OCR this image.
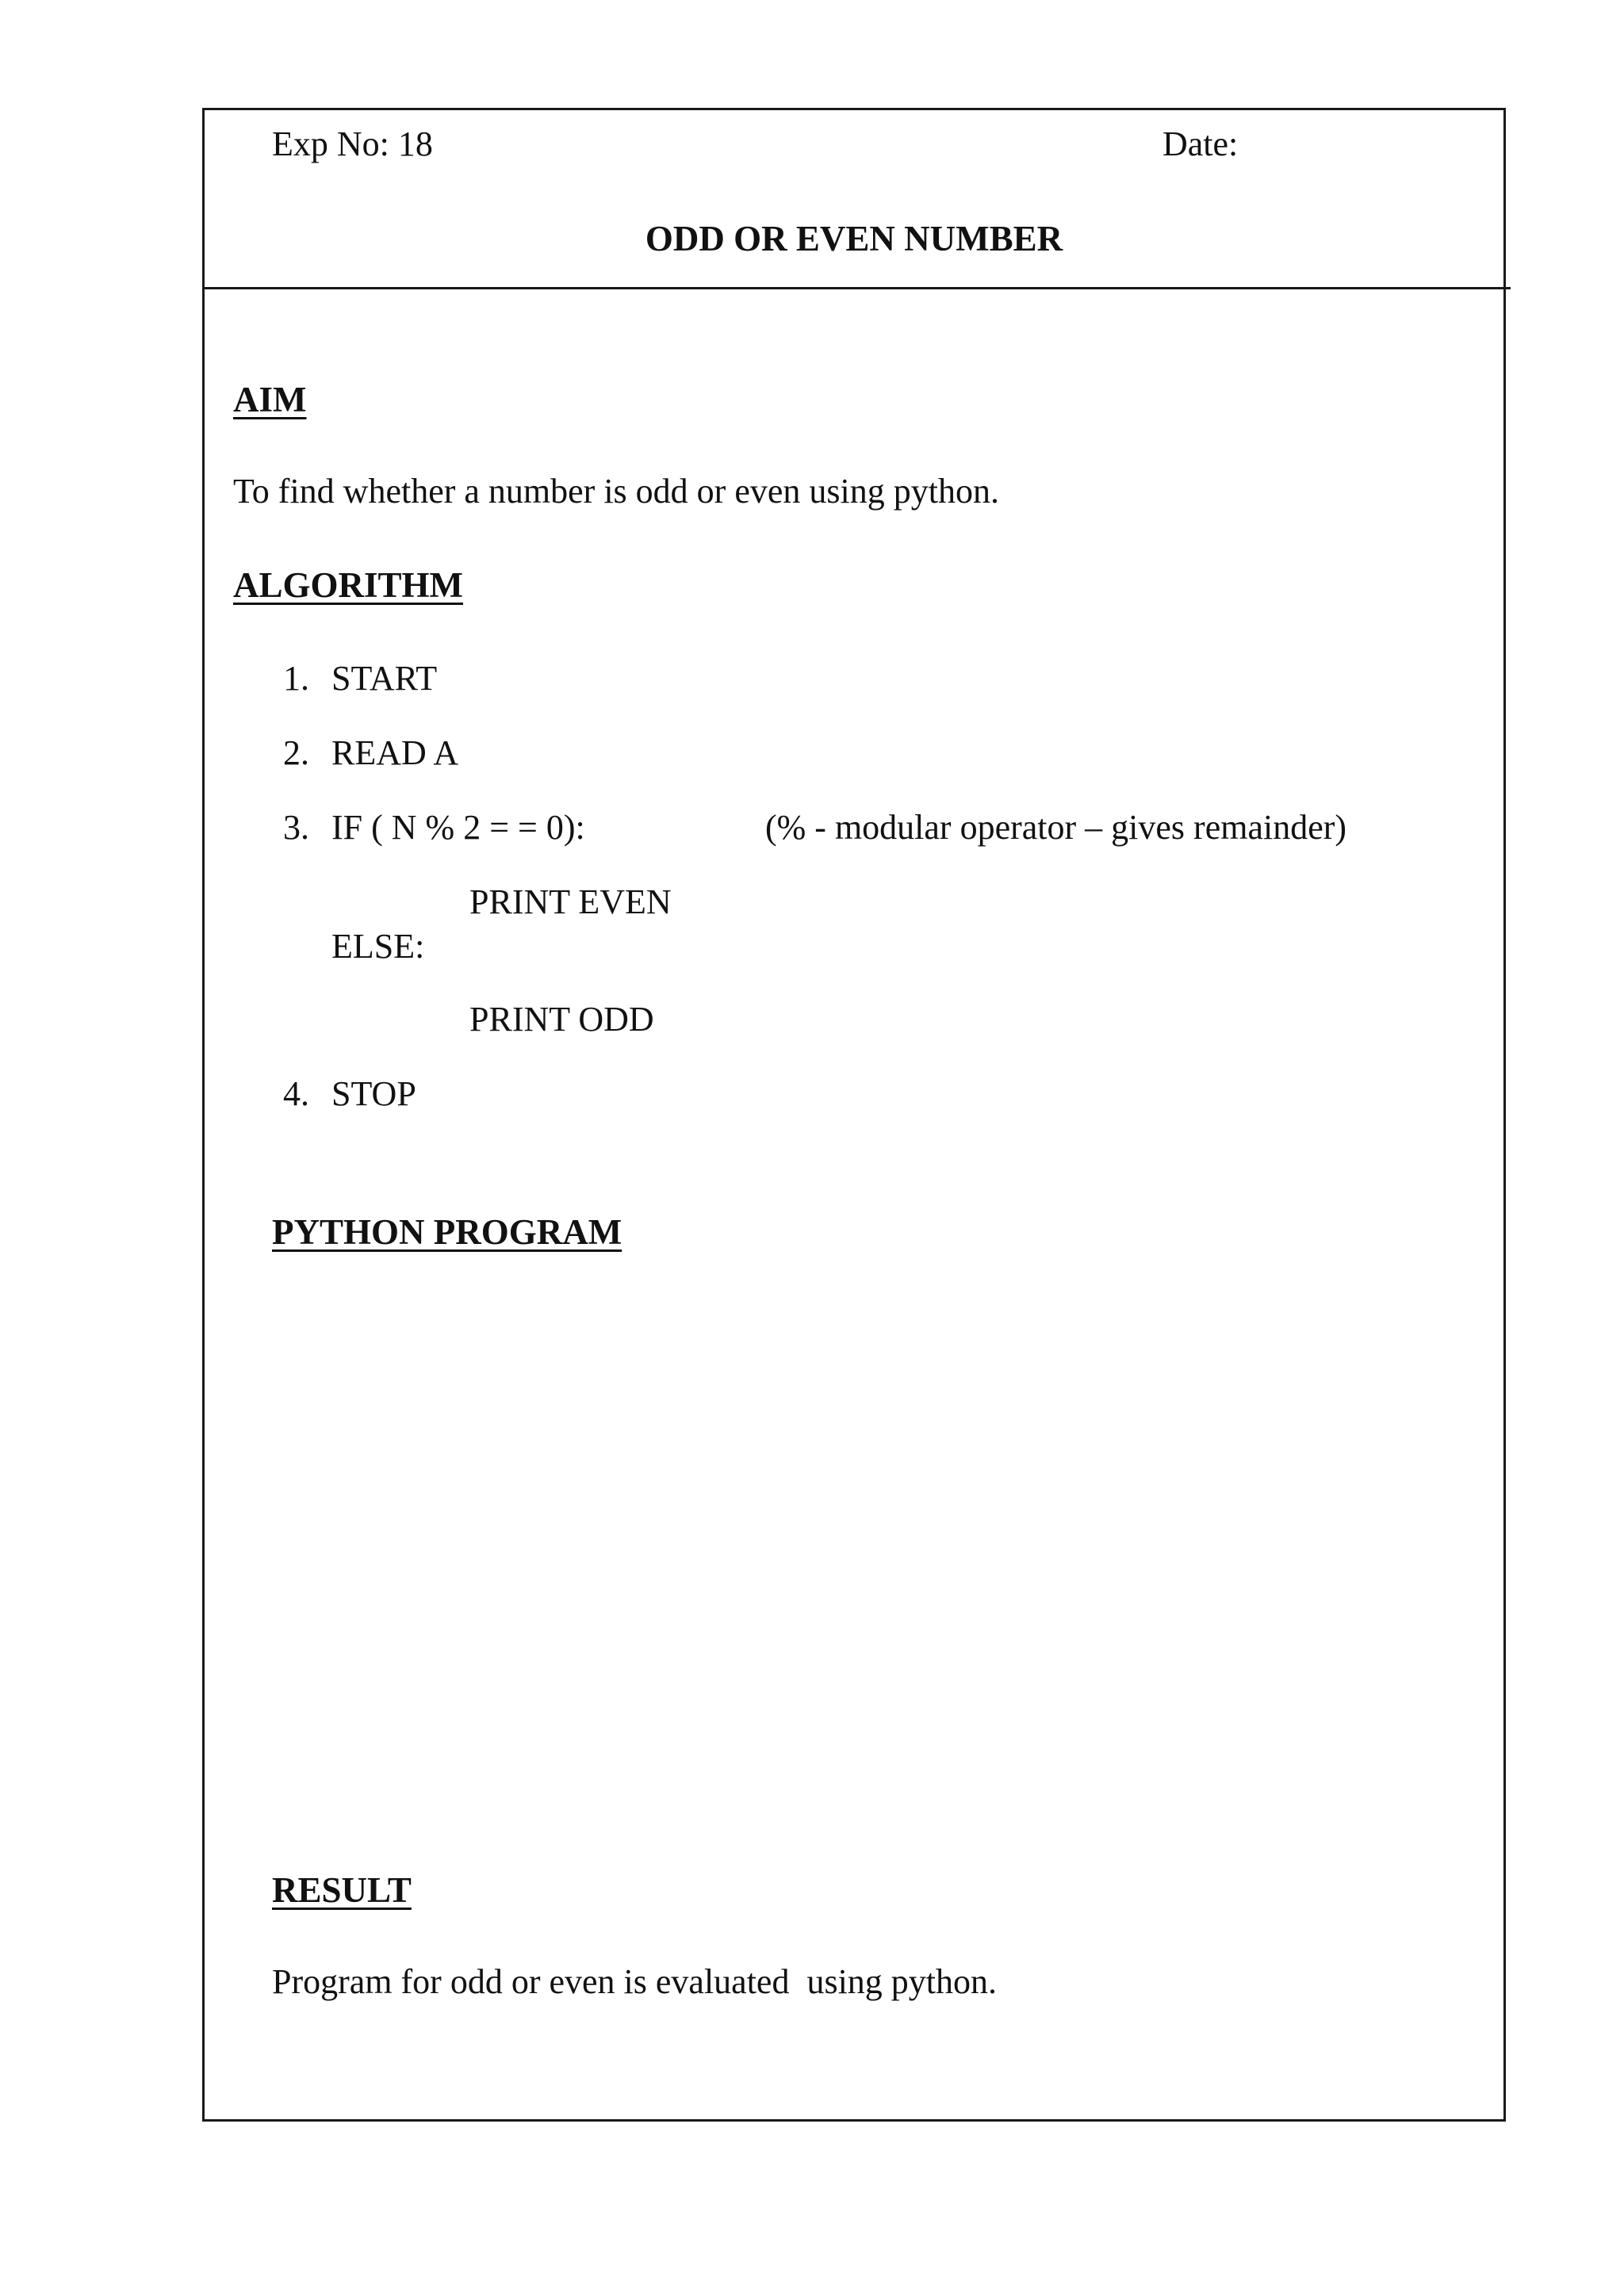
Exp No: 18	Date:
ODD OR EVEN NUMBER
AIM
To find whether a number is odd or even using python.
ALGORITHM
1. START
2. READ A
3. IF ( N % 2 = = 0):	(% - modular operator – gives remainder)
PRINT EVEN
ELSE:
PRINT ODD
4. STOP
PYTHON PROGRAM
RESULT
Program for odd or even is evaluated  using python.
